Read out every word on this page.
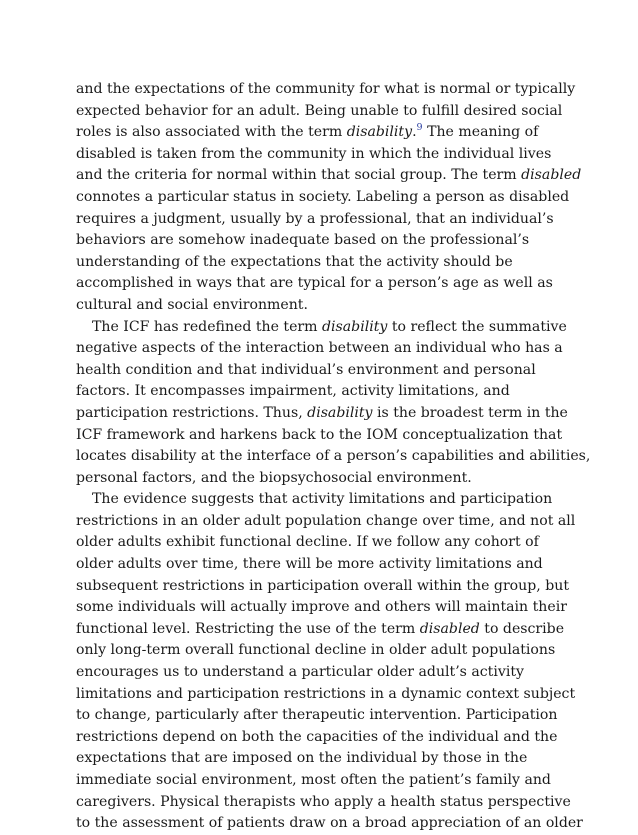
and the expectations of the community for what is normal or typically
expected behavior for an adult. Being unable to fulfill desired social
roles is also associated with the term disability.$^9$ The meaning of
disabled is taken from the community in which the individual lives
and the criteria for normal within that social group. The term disabled
connotes a particular status in society. Labeling a person as disabled
requires a judgment, usually by a professional, that an individual’s
behaviors are somehow inadequate based on the professional’s
understanding of the expectations that the activity should be
accomplished in ways that are typical for a person’s age as well as
cultural and social environment.
The ICF has redefined the term disability to reflect the summative
negative aspects of the interaction between an individual who has a
health condition and that individual’s environment and personal
factors. It encompasses impairment, activity limitations, and
participation restrictions. Thus, disability is the broadest term in the
ICF framework and harkens back to the IOM conceptualization that
locates disability at the interface of a person’s capabilities and abilities,
personal factors, and the biopsychosocial environment.
The evidence suggests that activity limitations and participation
restrictions in an older adult population change over time, and not all
older adults exhibit functional decline. If we follow any cohort of
older adults over time, there will be more activity limitations and
subsequent restrictions in participation overall within the group, but
some individuals will actually improve and others will maintain their
functional level. Restricting the use of the term disabled to describe
only long-term overall functional decline in older adult populations
encourages us to understand a particular older adult’s activity
limitations and participation restrictions in a dynamic context subject
to change, particularly after therapeutic intervention. Participation
restrictions depend on both the capacities of the individual and the
expectations that are imposed on the individual by those in the
immediate social environment, most often the patient’s family and
caregivers. Physical therapists who apply a health status perspective
to the assessment of patients draw on a broad appreciation of an older
